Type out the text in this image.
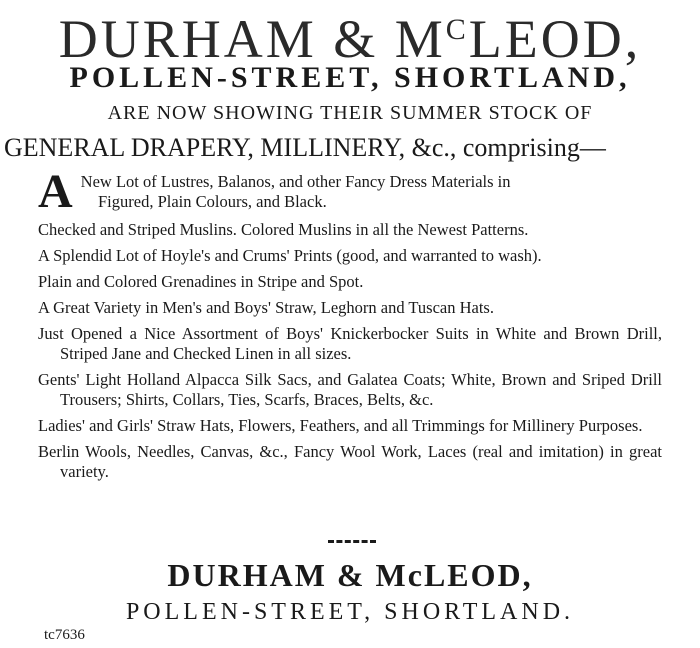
DURHAM & $M^CLEOD$,
POLLEN-STREET, SHORTLAND,
ARE NOW SHOWING THEIR SUMMER STOCK OF
GENERAL DRAPERY, MILLINERY, &c., comprising—
A New Lot of Lustres, Balanos, and other Fancy Dress Materials in
Figured, Plain Colours, and Black.
Checked and Striped Muslins. Colored Muslins in all the Newest Patterns.
A Splendid Lot of Hoyle's and Crums' Prints (good, and warranted to wash).
Plain and Colored Grenadines in Stripe and Spot.
A Great Variety in Men's and Boys' Straw, Leghorn and Tuscan Hats.
Just Opened a Nice Assortment of Boys' Knickerbocker Suits in White and Brown Drill, Striped Jane and Checked Linen in all sizes.
Gents' Light Holland Alpacca Silk Sacs, and Galatea Coats; White, Brown and Sriped Drill Trousers; Shirts, Collars, Ties, Scarfs, Braces, Belts, &c.
Ladies' and Girls' Straw Hats, Flowers, Feathers, and all Trimmings for Millinery Purposes.
Berlin Wools, Needles, Canvas, &c., Fancy Wool Work, Laces (real and imitation) in great variety.
DURHAM & McLEOD,
POLLEN-STREET, SHORTLAND.
tc7636
